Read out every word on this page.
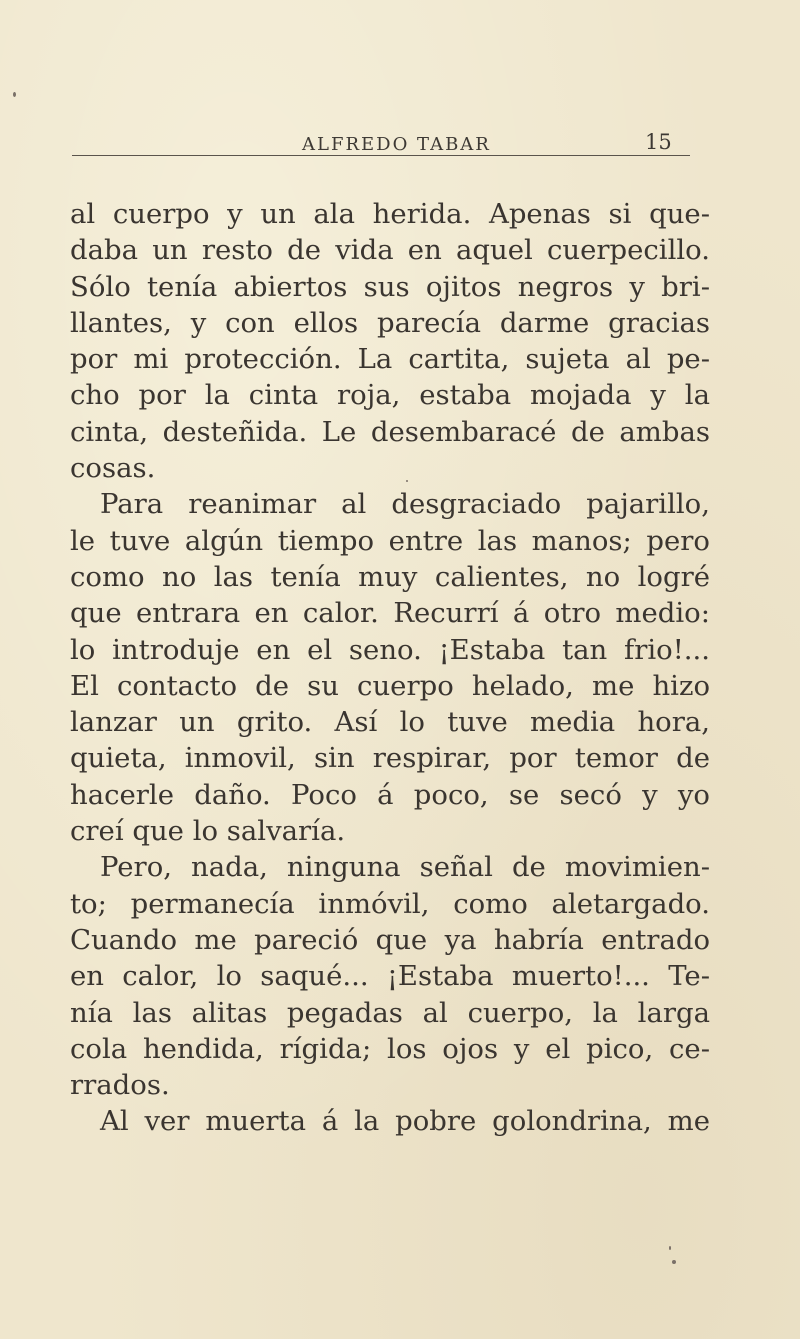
ALFREDO TABAR	15
al cuerpo y un ala herida. Apenas si que-
daba un resto de vida en aquel cuerpecillo.
Sólo tenía abiertos sus ojitos negros y bri-
llantes, y con ellos parecía darme gracias
por mi protección. La cartita, sujeta al pe-
cho por la cinta roja, estaba mojada y la
cinta, desteñida. Le desembaracé de ambas
cosas.
Para reanimar al desgraciado pajarillo,
le tuve algún tiempo entre las manos; pero
como no las tenía muy calientes, no logré
que entrara en calor. Recurrí á otro medio:
lo introduje en el seno. ¡Estaba tan frio!...
El contacto de su cuerpo helado, me hizo
lanzar un grito. Así lo tuve media hora,
quieta, inmovil, sin respirar, por temor de
hacerle daño. Poco á poco, se secó y yo
creí que lo salvaría.
Pero, nada, ninguna señal de movimien-
to; permanecía inmóvil, como aletargado.
Cuando me pareció que ya habría entrado
en calor, lo saqué... ¡Estaba muerto!... Te-
nía las alitas pegadas al cuerpo, la larga
cola hendida, rígida; los ojos y el pico, ce-
rrados.
Al ver muerta á la pobre golondrina, me
